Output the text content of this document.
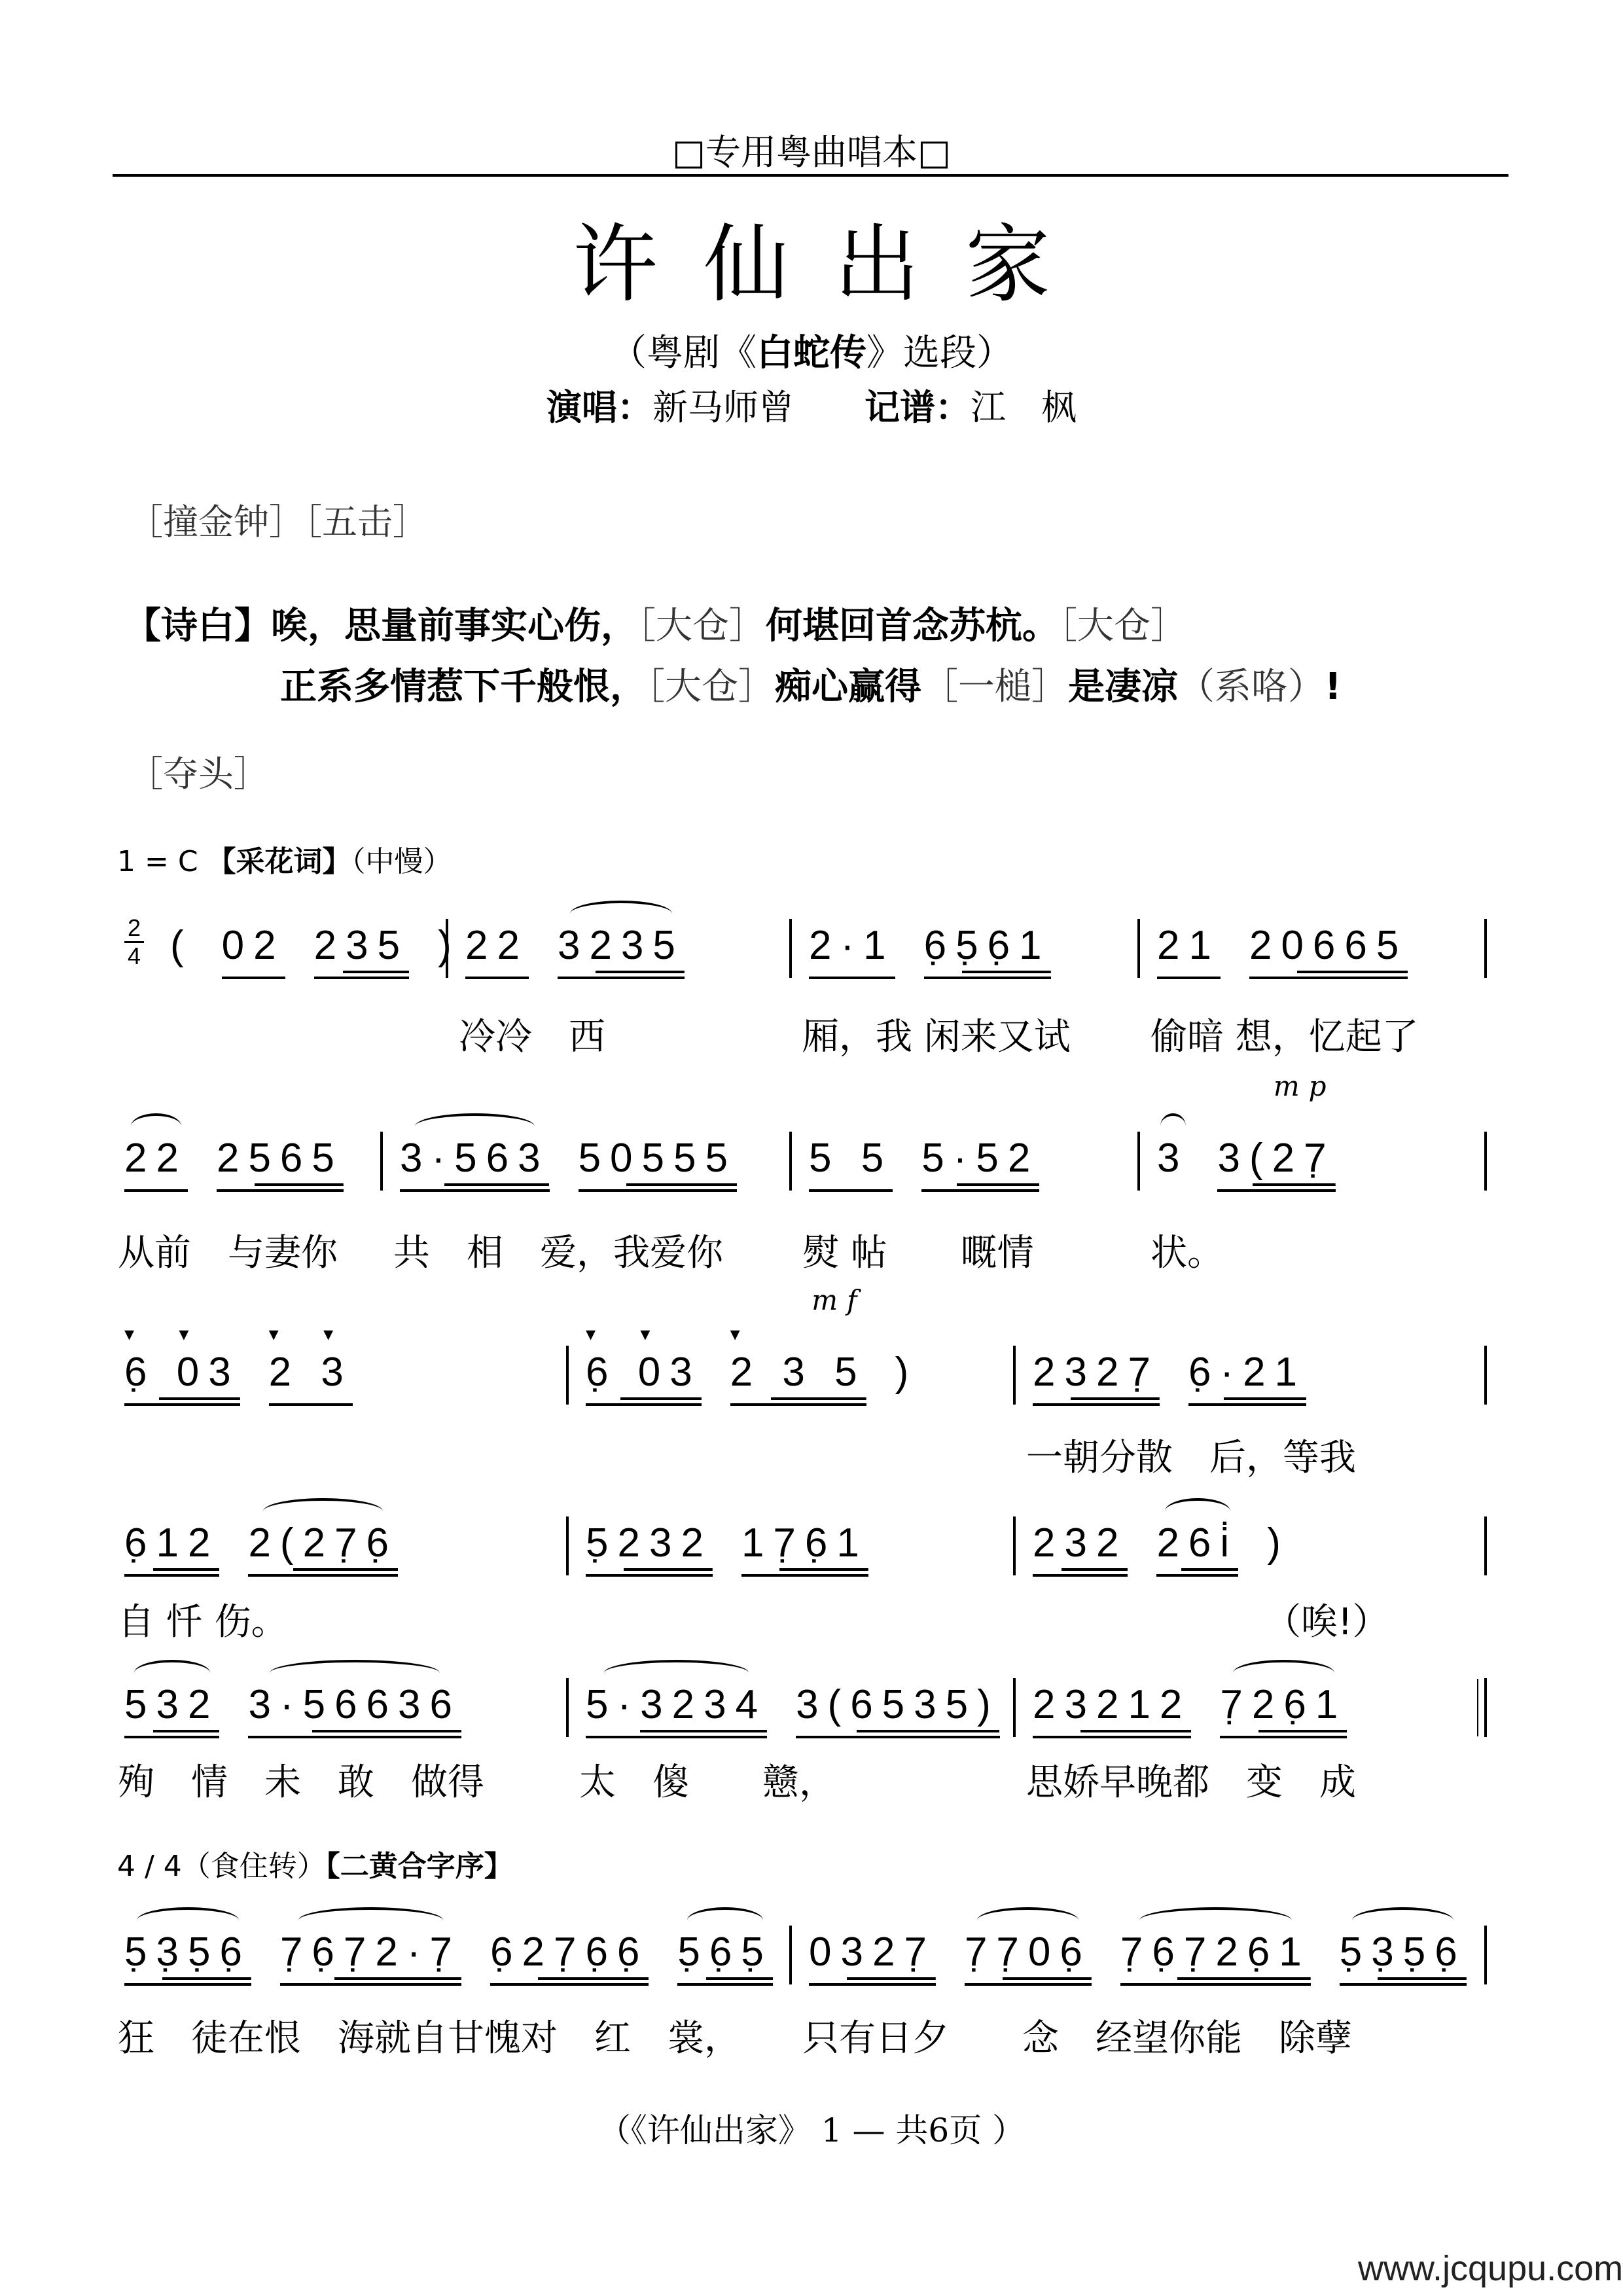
□专用粤曲唱本□
许仙出家
（粤剧《白蛇传》选段）
演唱：新马师曾　　 记谱：江　枫
［撞金钟］［五击］
【诗白】唉，思量前事实心伤，［大仓］何堪回首念苏杭。［大仓］
正系多情惹下千般恨，［大仓］痴心赢得［一槌］是凄凉（系咯）!
［夺头］
1 = C 【采花词】（中慢）
2
4 ( 02 235 ) 22 3235
冷冷　西
2·1 6̣5̣6̣1
厢，我 闲来又试
21 20665
偷暗 想，忆起了
22 2565
从前　与妻你
3·563 50555
共　相　爱，我爱你
5 5 5·52
熨 帖　　嘅情
3 3(27̣
mp
状。
6̣ 03
▾ ▾
2 3
▾ ▾
6̣ 03
▾ ▾
2 3 5
▾
mf
)	2327̣ 6̣·21
一朝分散　后，等我
6̣12 2(27̣6̣
自 忏 伤。
5̣232 17̣6̣1	232 26i̇ )
　　　　　　　（唉!）
532 3·56636
殉　情　未　敢　做得
5·3234 3(6535)
太　傻　　戆，
23212 7̣26̣1
思娇早晚都　变　成
5̣3̣5̣6̣ 7̣6̣7̣2·7̣ 6̣27̣6̣6̣ 5̣6̣5̣
狂　徒在恨　海就自甘愧对　红　裳，
0327̣ 7̣7̣06̣ 7̣6̣7̣26̣1 5̣3̣5̣6̣
只有日夕　　念　经望你能　除孽
4 / 4（食住转）【二黄合字序】
（《许仙出家》 1 — 共6页 ）
www.jcqupu.com
